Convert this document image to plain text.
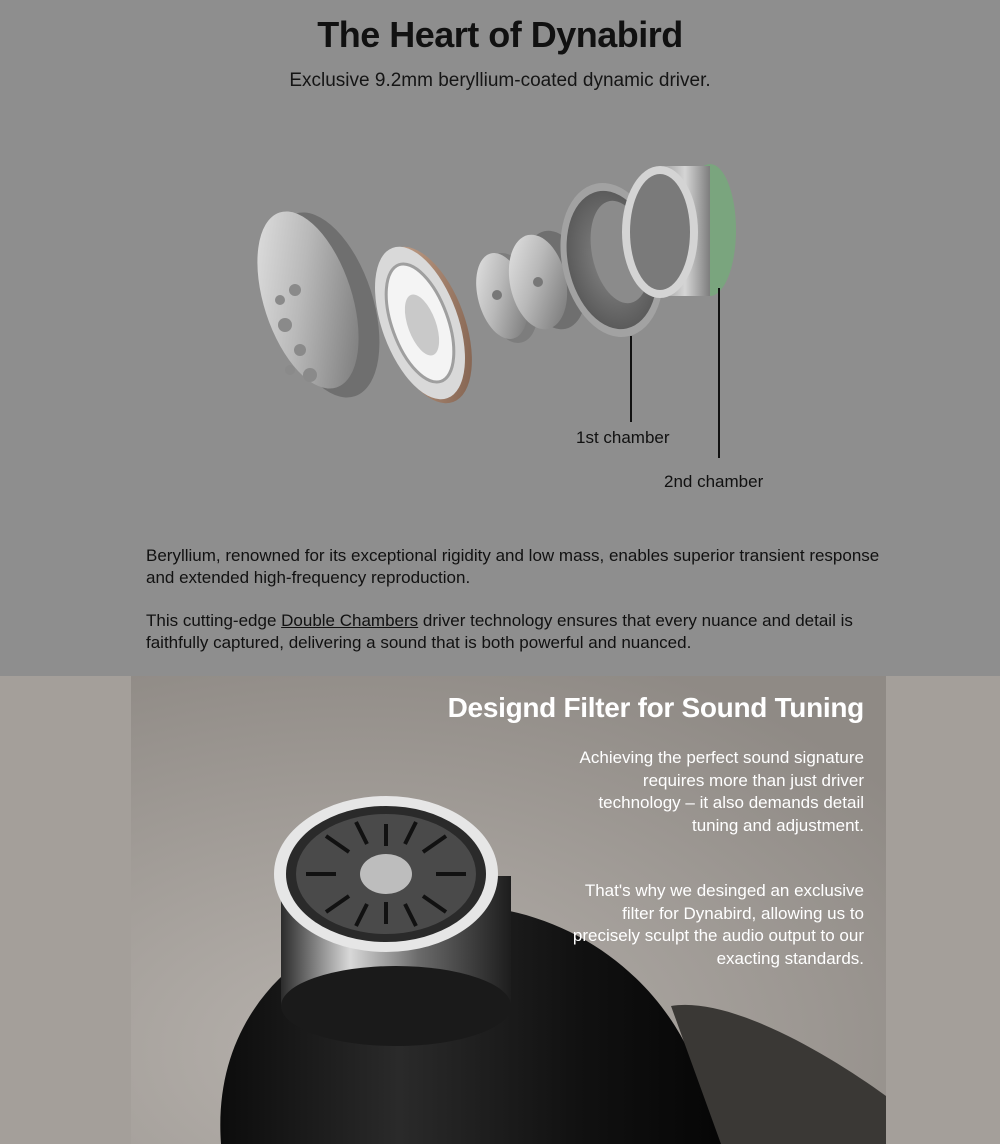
The Heart of Dynabird

Exclusive 9.2mm beryllium-coated dynamic driver.

1st chamber
2nd chamber

Beryllium, renowned for its exceptional rigidity and low mass, enables superior transient response and extended high-frequency reproduction.

This cutting-edge Double Chambers driver technology ensures that every nuance and detail is faithfully captured, delivering a sound that is both powerful and nuanced.

Designd Filter for Sound Tuning

Achieving the perfect sound signature requires more than just driver technology – it also demands detail tuning and adjustment.

That's why we desinged an exclusive filter for Dynabird, allowing us to precisely sculpt the audio output to our exacting standards.
